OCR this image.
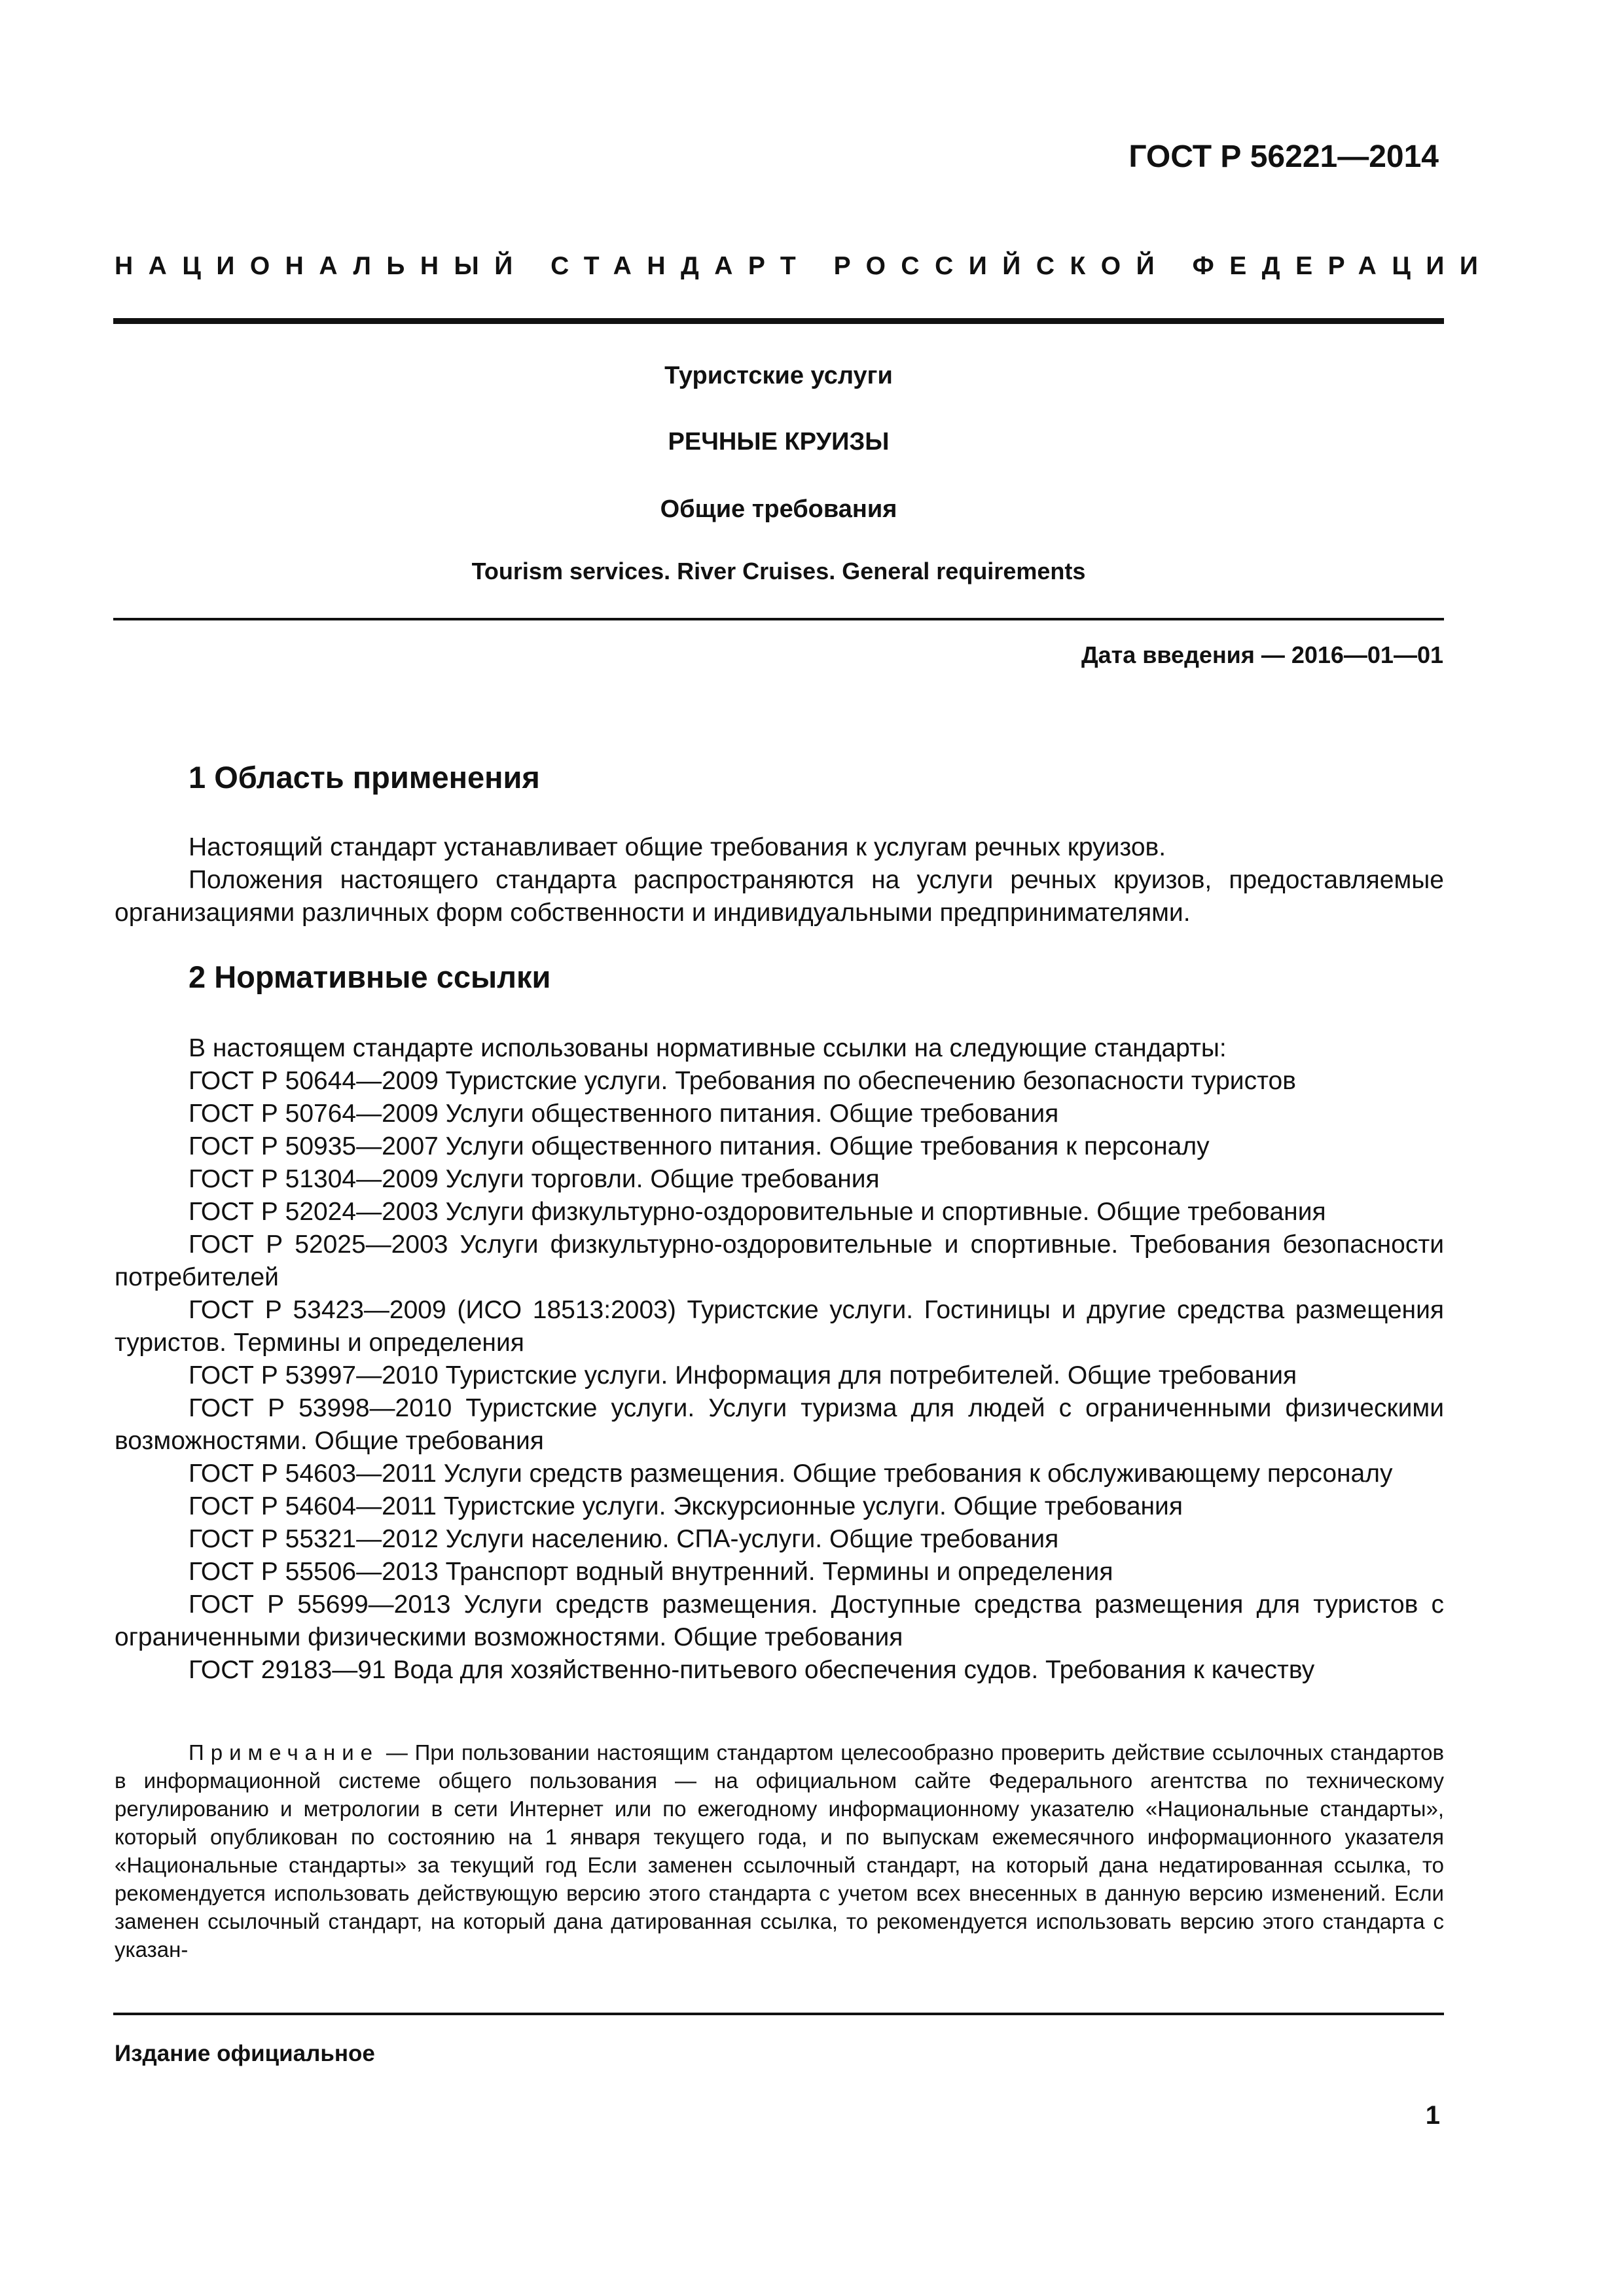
ГОСТ Р 56221—2014
НАЦИОНАЛЬНЫЙ СТАНДАРТ РОССИЙСКОЙ ФЕДЕРАЦИИ
Туристские услуги
РЕЧНЫЕ КРУИЗЫ
Общие требования
Tourism services. River Cruises. General requirements
Дата введения — 2016—01—01
1 Область применения

Настоящий стандарт устанавливает общие требования к услугам речных круизов.

Положения настоящего стандарта распространяются на услуги речных круизов, предоставляемые организациями различных форм собственности и индивидуальными предпринимателями.

2 Нормативные ссылки

В настоящем стандарте использованы нормативные ссылки на следующие стандарты:

ГОСТ Р 50644—2009 Туристские услуги. Требования по обеспечению безопасности туристов

ГОСТ Р 50764—2009 Услуги общественного питания. Общие требования

ГОСТ Р 50935—2007 Услуги общественного питания. Общие требования к персоналу

ГОСТ Р 51304—2009 Услуги торговли. Общие требования

ГОСТ Р 52024—2003 Услуги физкультурно-оздоровительные и спортивные. Общие требования

ГОСТ Р 52025—2003 Услуги физкультурно-оздоровительные и спортивные. Требования безопасности потребителей

ГОСТ Р 53423—2009 (ИСО 18513:2003) Туристские услуги. Гостиницы и другие средства размещения туристов. Термины и определения

ГОСТ Р 53997—2010 Туристские услуги. Информация для потребителей. Общие требования

ГОСТ Р 53998—2010 Туристские услуги. Услуги туризма для людей с ограниченными физическими возможностями. Общие требования

ГОСТ Р 54603—2011 Услуги средств размещения. Общие требования к обслуживающему персоналу

ГОСТ Р 54604—2011 Туристские услуги. Экскурсионные услуги. Общие требования

ГОСТ Р 55321—2012 Услуги населению. СПА-услуги. Общие требования

ГОСТ Р 55506—2013 Транспорт водный внутренний. Термины и определения

ГОСТ Р 55699—2013 Услуги средств размещения. Доступные средства размещения для туристов с ограниченными физическими возможностями. Общие требования

ГОСТ 29183—91 Вода для хозяйственно-питьевого обеспечения судов. Требования к качеству

Примечание — При пользовании настоящим стандартом целесообразно проверить действие ссылочных стандартов в информационной системе общего пользования — на официальном сайте Федерального агентства по техническому регулированию и метрологии в сети Интернет или по ежегодному информационному указателю «Национальные стандарты», который опубликован по состоянию на 1 января текущего года, и по выпускам ежемесячного информационного указателя «Национальные стандарты» за текущий год Если заменен ссылочный стандарт, на который дана недатированная ссылка, то рекомендуется использовать действующую версию этого стандарта с учетом всех внесенных в данную версию изменений. Если заменен ссылочный стандарт, на который дана датированная ссылка, то рекомендуется использовать версию этого стандарта с указан-

Издание официальное
1
